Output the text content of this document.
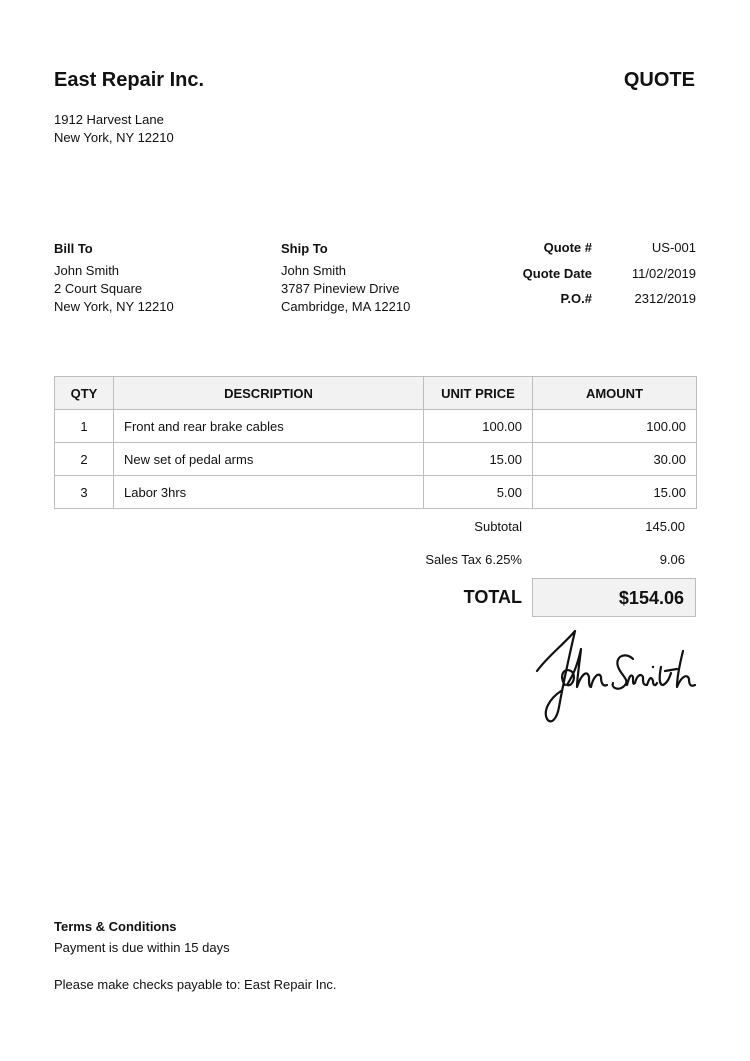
East Repair Inc.	QUOTE
1912 Harvest Lane
New York, NY 12210
Bill To
John Smith
2 Court Square
New York, NY 12210
Ship To
John Smith
3787 Pineview Drive
Cambridge, MA 12210
Quote #	US-001
Quote Date	11/02/2019
P.O.#	2312/2019
QTY	DESCRIPTION	UNIT PRICE	AMOUNT
1	Front and rear brake cables	100.00	100.00
2	New set of pedal arms	15.00	30.00
3	Labor 3hrs	5.00	15.00
Subtotal	145.00
Sales Tax 6.25%	9.06
TOTAL	$154.06
Terms & Conditions
Payment is due within 15 days
Please make checks payable to: East Repair Inc.
